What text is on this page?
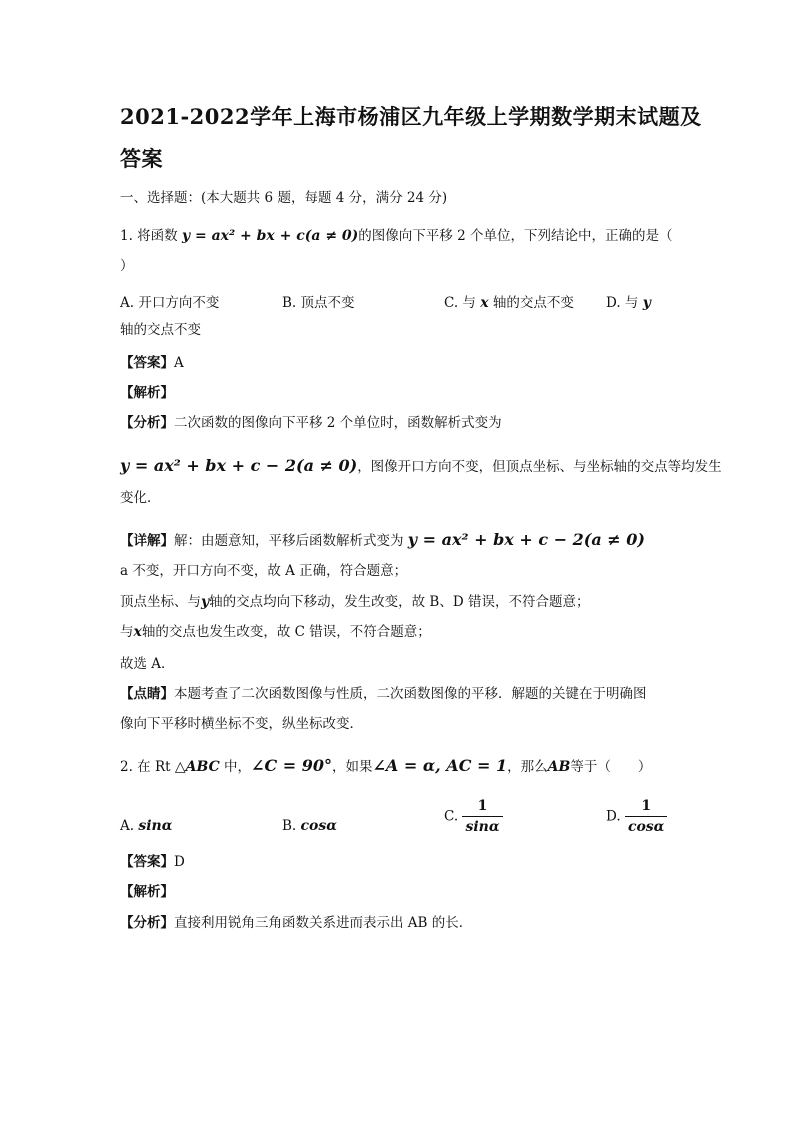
2021-2022学年上海市杨浦区九年级上学期数学期末试题及
答案
一、选择题：(本大题共 6 题，每题 4 分，满分 24 分)
1. 将函数 y = ax² + bx + c(a ≠ 0)的图像向下平移 2 个单位，下列结论中，正确的是（
）
A. 开口方向不变	B. 顶点不变	C. 与 x 轴的交点不变 D. 与 y
轴的交点不变
【答案】A
【解析】
【分析】二次函数的图像向下平移 2 个单位时，函数解析式变为
y = ax² + bx + c − 2(a ≠ 0)，图像开口方向不变，但顶点坐标、与坐标轴的交点等均发生
变化．
【详解】解：由题意知，平移后函数解析式变为 y = ax² + bx + c − 2(a ≠ 0)
a 不变，开口方向不变，故 A 正确，符合题意；
顶点坐标、与y轴的交点均向下移动，发生改变，故 B、D 错误，不符合题意；
与x轴的交点也发生改变，故 C 错误，不符合题意；
故选 A．
【点睛】本题考查了二次函数图像与性质，二次函数图像的平移．解题的关键在于明确图
像向下平移时横坐标不变，纵坐标改变．
2. 在 Rt △ABC 中，∠C = 90°，如果∠A = α, AC = 1，那么AB等于（　　）
A. sinα	B. cosα
C. $\frac{1}{\sin\alpha}$	D. $\frac{1}{\cos\alpha}$
【答案】D
【解析】
【分析】直接利用锐角三角函数关系进而表示出 AB 的长．
